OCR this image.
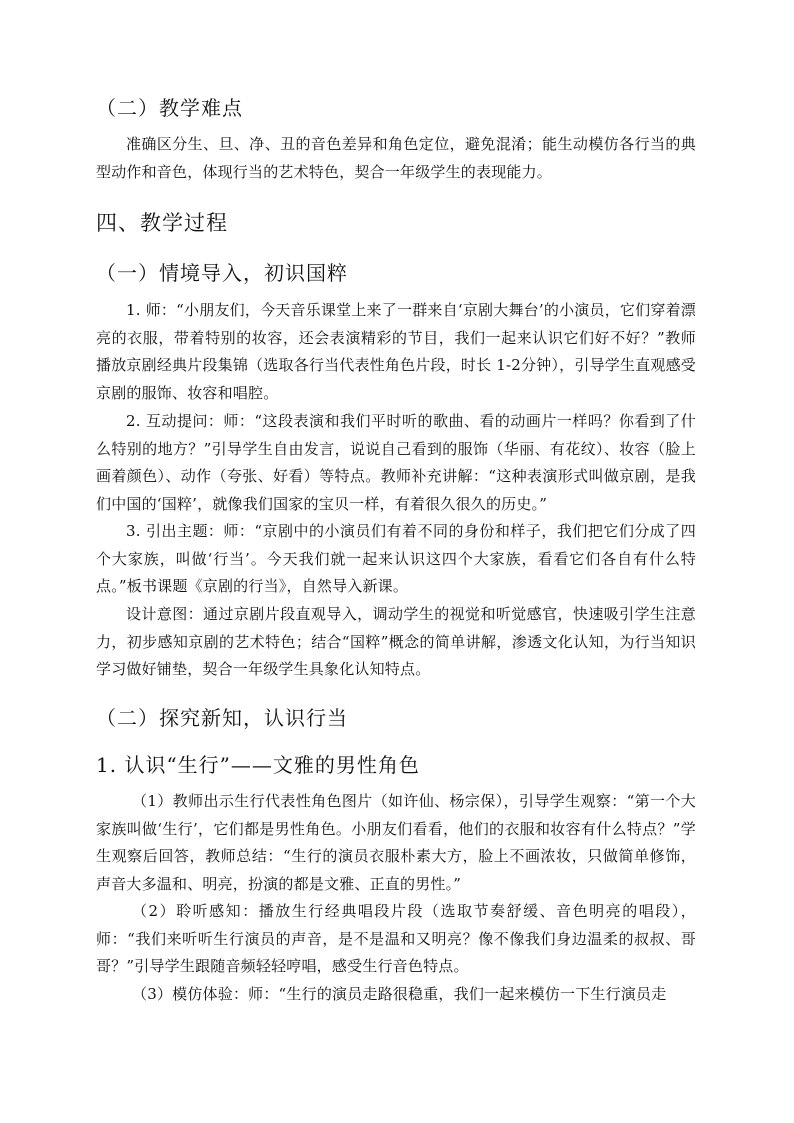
（二）教学难点

准确区分生、旦、净、丑的音色差异和角色定位，避免混淆；能生动模仿各行当的典型动作和音色，体现行当的艺术特色，契合一年级学生的表现能力。

四、教学过程
（一）情境导入，初识国粹

1. 师：“小朋友们，今天音乐课堂上来了一群来自‘京剧大舞台’的小演员，它们穿着漂亮的衣服，带着特别的妆容，还会表演精彩的节目，我们一起来认识它们好不好？”教师播放京剧经典片段集锦（选取各行当代表性角色片段，时长 1-2分钟），引导学生直观感受京剧的服饰、妆容和唱腔。

2. 互动提问：师：“这段表演和我们平时听的歌曲、看的动画片一样吗？你看到了什么特别的地方？”引导学生自由发言，说说自己看到的服饰（华丽、有花纹）、妆容（脸上画着颜色）、动作（夸张、好看）等特点。教师补充讲解：“这种表演形式叫做京剧，是我们中国的‘国粹’，就像我们国家的宝贝一样，有着很久很久的历史。”

3. 引出主题：师：“京剧中的小演员们有着不同的身份和样子，我们把它们分成了四个大家族，叫做‘行当’。今天我们就一起来认识这四个大家族，看看它们各自有什么特点。”板书课题《京剧的行当》，自然导入新课。

设计意图：通过京剧片段直观导入，调动学生的视觉和听觉感官，快速吸引学生注意力，初步感知京剧的艺术特色；结合“国粹”概念的简单讲解，渗透文化认知，为行当知识学习做好铺垫，契合一年级学生具象化认知特点。

（二）探究新知，认识行当
1. 认识“生行”——文雅的男性角色

（1）教师出示生行代表性角色图片（如许仙、杨宗保），引导学生观察：“第一个大家族叫做‘生行’，它们都是男性角色。小朋友们看看，他们的衣服和妆容有什么特点？”学生观察后回答，教师总结：“生行的演员衣服朴素大方，脸上不画浓妆，只做简单修饰，声音大多温和、明亮，扮演的都是文雅、正直的男性。”

（2）聆听感知：播放生行经典唱段片段（选取节奏舒缓、音色明亮的唱段），师：“我们来听听生行演员的声音，是不是温和又明亮？像不像我们身边温柔的叔叔、哥哥？”引导学生跟随音频轻轻哼唱，感受生行音色特点。

（3）模仿体验：师：“生行的演员走路很稳重，我们一起来模仿一下生行演员走
